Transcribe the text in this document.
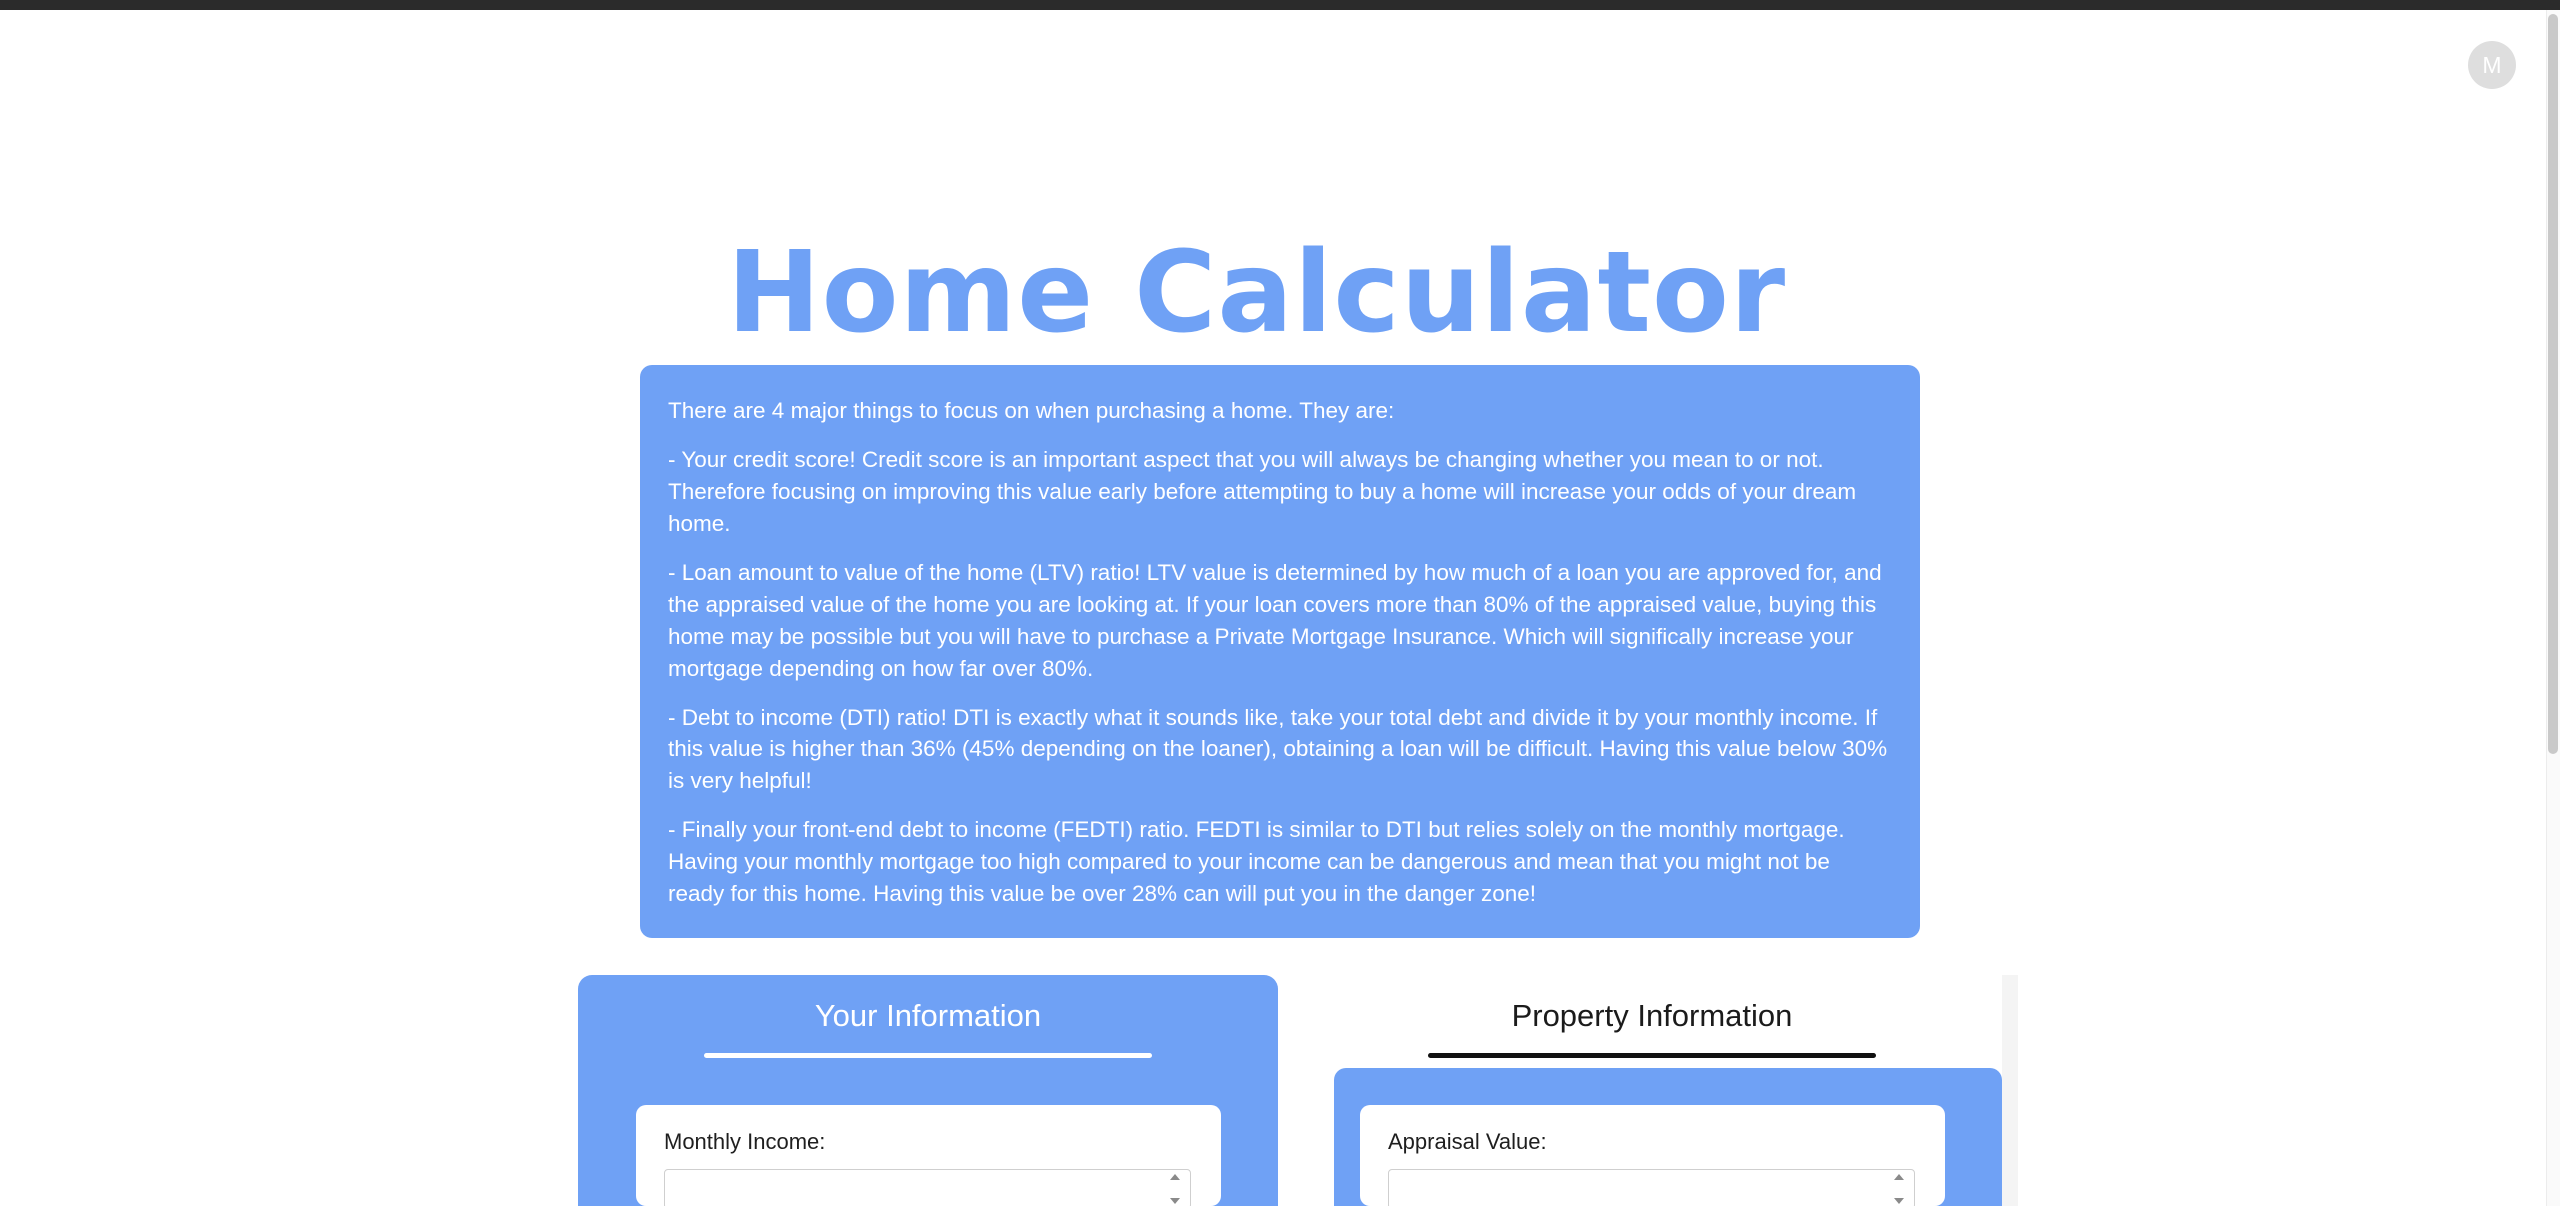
M
Home Calculator

There are 4 major things to focus on when purchasing a home. They are:

- Your credit score! Credit score is an important aspect that you will always be changing whether you mean to or not. Therefore focusing on improving this value early before attempting to buy a home will increase your odds of your dream home.

- Loan amount to value of the home (LTV) ratio! LTV value is determined by how much of a loan you are approved for, and the appraised value of the home you are looking at. If your loan covers more than 80% of the appraised value, buying this home may be possible but you will have to purchase a Private Mortgage Insurance. Which will significally increase your mortgage depending on how far over 80%.

- Debt to income (DTI) ratio! DTI is exactly what it sounds like, take your total debt and divide it by your monthly income. If this value is higher than 36% (45% depending on the loaner), obtaining a loan will be difficult. Having this value below 30% is very helpful!

- Finally your front-end debt to income (FEDTI) ratio. FEDTI is similar to DTI but relies solely on the monthly mortgage. Having your monthly mortgage too high compared to your income can be dangerous and mean that you might not be ready for this home. Having this value be over 28% can will put you in the danger zone!

Your Information
Monthly Income:
Property Information
Appraisal Value:
